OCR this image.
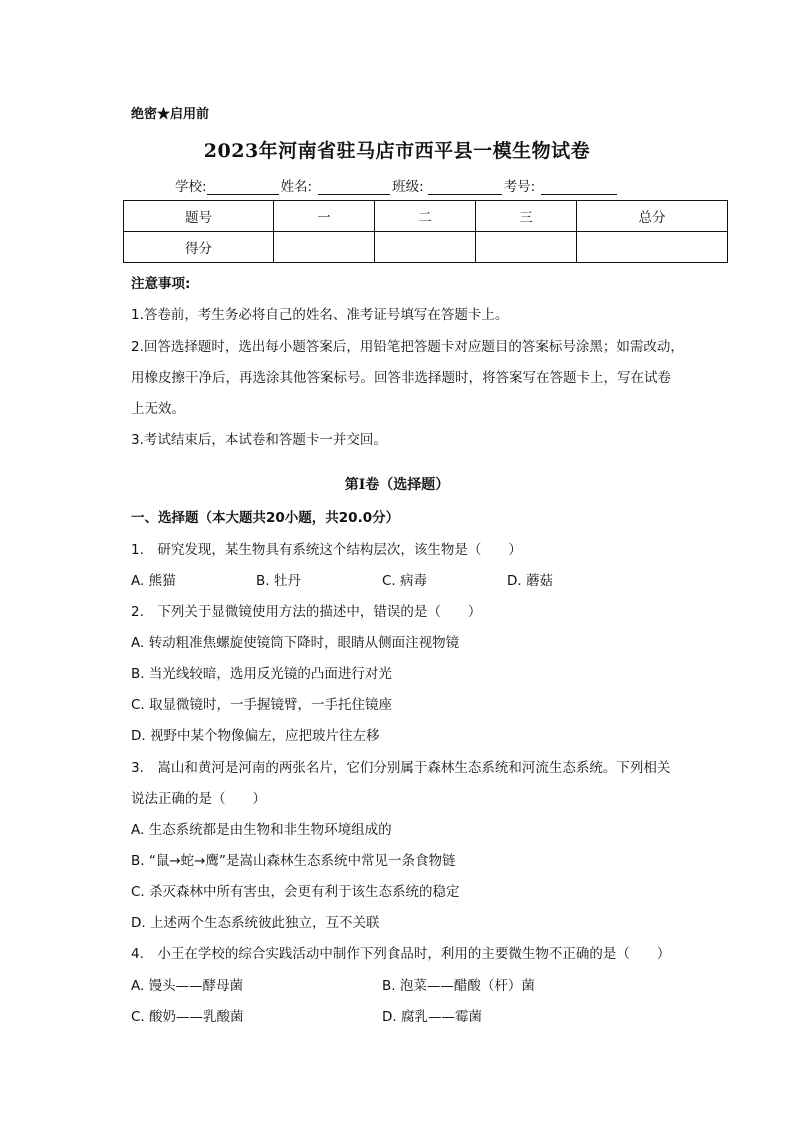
绝密★启用前
2023年河南省驻马店市西平县一模生物试卷
学校:	姓名:	班级:	考号:
题号	一	二	三	总分
得分				
注意事项:
1.答卷前，考生务必将自己的姓名、准考证号填写在答题卡上。
2.回答选择题时，选出每小题答案后，用铅笔把答题卡对应题目的答案标号涂黑；如需改动，
用橡皮擦干净后，再选涂其他答案标号。回答非选择题时，将答案写在答题卡上，写在试卷
上无效。
3.考试结束后，本试卷和答题卡一并交回。
第I卷（选择题）
一、选择题（本大题共20小题，共20.0分）
1.　研究发现，某生物具有系统这个结构层次，该生物是（　　）
A. 熊猫	B. 牡丹	C. 病毒	D. 蘑菇
2.　下列关于显微镜使用方法的描述中，错误的是（　　）
A. 转动粗准焦螺旋使镜筒下降时，眼睛从侧面注视物镜
B. 当光线较暗，选用反光镜的凸面进行对光
C. 取显微镜时，一手握镜臂，一手托住镜座
D. 视野中某个物像偏左，应把玻片往左移
3.　嵩山和黄河是河南的两张名片，它们分别属于森林生态系统和河流生态系统。下列相关
说法正确的是（　　）
A. 生态系统都是由生物和非生物环境组成的
B. “鼠→蛇→鹰”是嵩山森林生态系统中常见一条食物链
C. 杀灭森林中所有害虫，会更有利于该生态系统的稳定
D. 上述两个生态系统彼此独立，互不关联
4.　小王在学校的综合实践活动中制作下列食品时，利用的主要微生物不正确的是（　　）
A. 馒头——酵母菌	B. 泡菜——醋酸（杆）菌
C. 酸奶——乳酸菌	D. 腐乳——霉菌
